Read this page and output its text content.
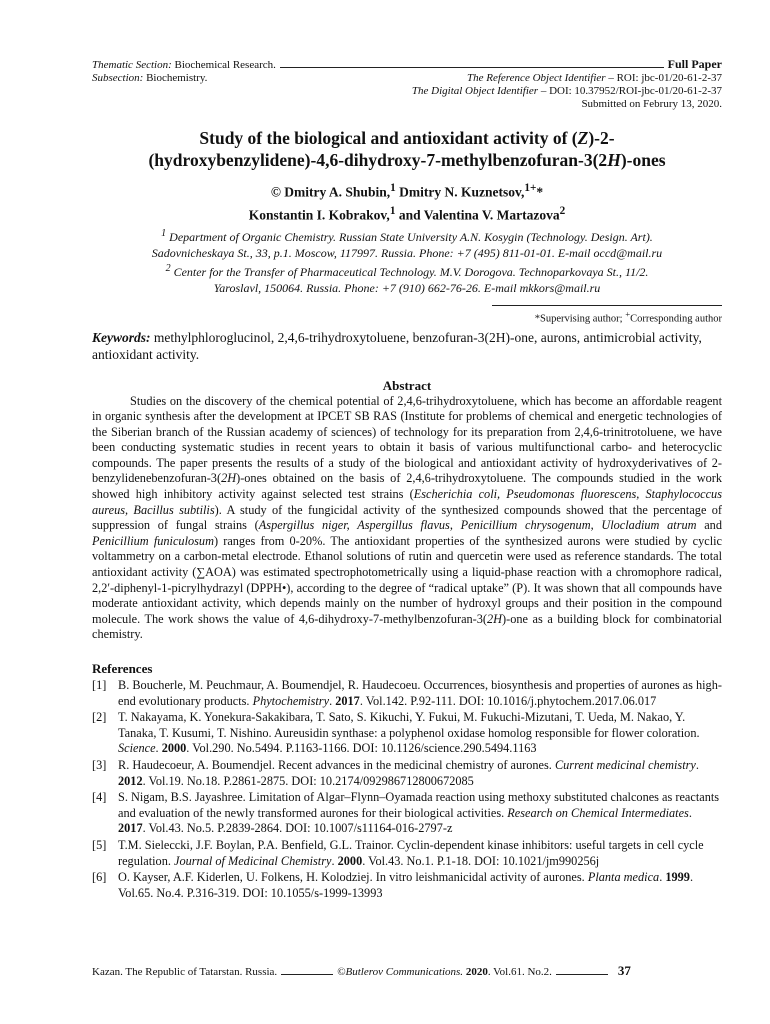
Thematic Section: Biochemical Research.	Full Paper
Subsection: Biochemistry.	The Reference Object Identifier – ROI: jbc-01/20-61-2-37
The Digital Object Identifier – DOI: 10.37952/ROI-jbc-01/20-61-2-37
Submitted on Februry 13, 2020.
Study of the biological and antioxidant activity of (Z)-2-
(hydroxybenzylidene)-4,6-dihydroxy-7-methylbenzofuran-3(2H)-ones
© Dmitry A. Shubin,$^1$ Dmitry N. Kuznetsov,$^{1+}$*
Konstantin I. Kobrakov,$^1$ and Valentina V. Martazova$^2$
$^1$ Department of Organic Chemistry. Russian State University A.N. Kosygin (Technology. Design. Art).
Sadovnicheskaya St., 33, p.1. Moscow, 117997. Russia. Phone: +7 (495) 811-01-01. E-mail occd@mail.ru
$^2$ Center for the Transfer of Pharmaceutical Technology. M.V. Dorogova. Technoparkovaya St., 11/2.
Yaroslavl, 150064. Russia. Phone: +7 (910) 662-76-26. E-mail mkkors@mail.ru
*Supervising author; +Corresponding author
Keywords: methylphloroglucinol, 2,4,6-trihydroxytoluene, benzofuran-3(2H)-one, aurons, antimicrobial activity, antioxidant activity.
Abstract
Studies on the discovery of the chemical potential of 2,4,6-trihydroxytoluene, which has become an affordable reagent in organic synthesis after the development at IPCET SB RAS (Institute for problems of chemical and energetic technologies of the Siberian branch of the Russian academy of sciences) of technology for its preparation from 2,4,6-trinitrotoluene, we have been conducting systematic studies in recent years to obtain it basis of various multifunctional carbo- and heterocyclic compounds. The paper presents the results of a study of the biological and antioxidant activity of hydroxyderivatives of 2-benzylidenebenzofuran-3(2H)-ones obtained on the basis of 2,4,6-trihydroxytoluene. The compounds studied in the work showed high inhibitory activity against selected test strains (Escherichia coli, Pseudomonas fluorescens, Staphylococcus aureus, Bacillus subtilis). A study of the fungicidal activity of the synthesized compounds showed that the percentage of suppression of fungal strains (Aspergillus niger, Aspergillus flavus, Penicillium chrysogenum, Ulocladium atrum and Penicillium funiculosum) ranges from 0-20%. The antioxidant properties of the synthesized aurons were studied by cyclic voltammetry on a carbon-metal electrode. Ethanol solutions of rutin and quercetin were used as reference standards. The total antioxidant activity (∑AOA) was estimated spectrophotometrically using a liquid-phase reaction with a chromophore radical, 2,2′-diphenyl-1-picrylhydrazyl (DPPH•), according to the degree of “radical uptake” (P). It was shown that all compounds have moderate antioxidant activity, which depends mainly on the number of hydroxyl groups and their position in the compound molecule. The work shows the value of 4,6-dihydroxy-7-methylbenzofuran-3(2H)-one as a building block for combinatorial chemistry.
References
[1] B. Boucherle, M. Peuchmaur, A. Boumendjel, R. Haudecoeu. Occurrences, biosynthesis and properties of aurones as high-end evolutionary products. Phytochemistry. 2017. Vol.142. P.92-111. DOI: 10.1016/j.phytochem.2017.06.017
[2] T. Nakayama, K. Yonekura-Sakakibara, T. Sato, S. Kikuchi, Y. Fukui, M. Fukuchi-Mizutani, T. Ueda, M. Nakao, Y. Tanaka, T. Kusumi, T. Nishino. Aureusidin synthase: a polyphenol oxidase homolog responsible for flower coloration. Science. 2000. Vol.290. No.5494. P.1163-1166. DOI: 10.1126/science.290.5494.1163
[3] R. Haudecoeur, A. Boumendjel. Recent advances in the medicinal chemistry of aurones. Current medicinal chemistry. 2012. Vol.19. No.18. P.2861-2875. DOI: 10.2174/092986712800672085
[4] S. Nigam, B.S. Jayashree. Limitation of Algar–Flynn–Oyamada reaction using methoxy substituted chalcones as reactants and evaluation of the newly transformed aurones for their biological activities. Research on Chemical Intermediates. 2017. Vol.43. No.5. P.2839-2864. DOI: 10.1007/s11164-016-2797-z
[5] T.M. Sieleccki, J.F. Boylan, P.A. Benfield, G.L. Trainor. Cyclin-dependent kinase inhibitors: useful targets in cell cycle regulation. Journal of Medicinal Chemistry. 2000. Vol.43. No.1. P.1-18. DOI: 10.1021/jm990256j
[6] O. Kayser, A.F. Kiderlen, U. Folkens, H. Kolodziej. In vitro leishmanicidal activity of aurones. Planta medica. 1999. Vol.65. No.4. P.316-319. DOI: 10.1055/s-1999-13993
Kazan. The Republic of Tatarstan. Russia.	©Butlerov Communications.
2020 . Vol.61. No.2.	37
